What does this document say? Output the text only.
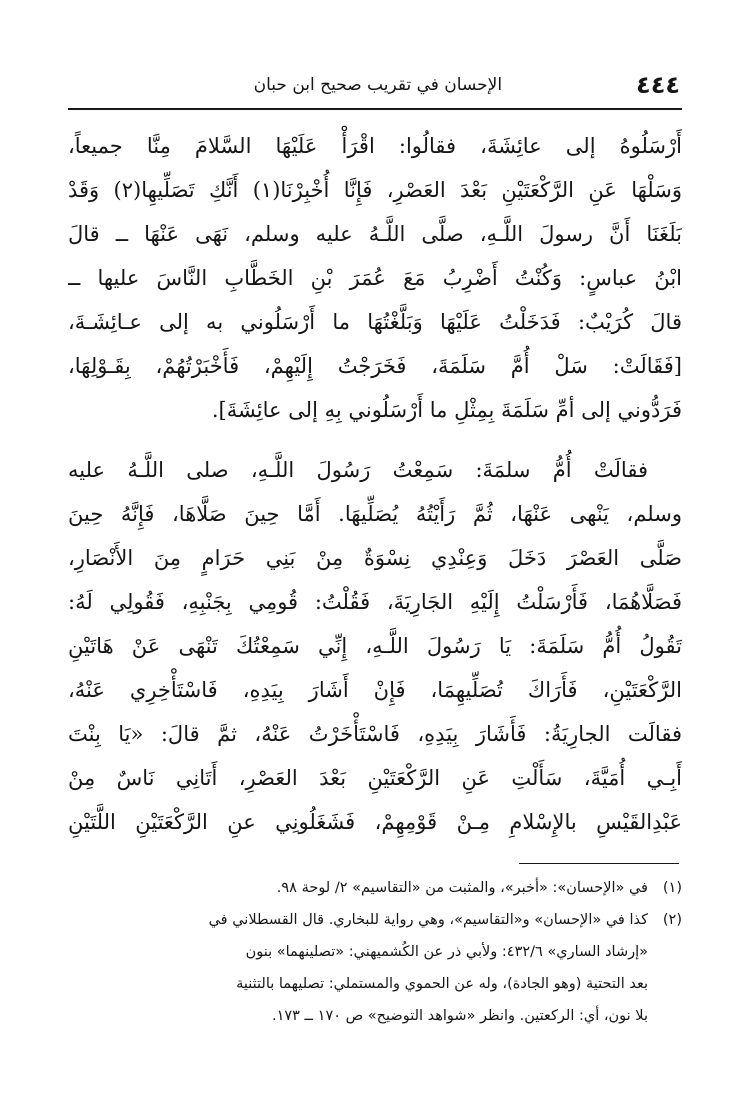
٤٤٤
الإحسان في تقريب صحيح ابن حبان
أَرْسَلُوهُ إلى عائِشَةَ، فقالُوا: اقْرَأْ عَلَيْهَا السَّلامَ مِنَّا جميعاً،
وَسَلْهَا عَنِ الرَّكْعَتَيْنِ بَعْدَ العَصْرِ، فَإِنَّا أُخْبِرْنَا(١) أَنَّكِ تَصَلِّيهِا(٢) وَقَدْ
بَلَغَنَا أَنَّ رسولَ اللَّـهِ، صلَّى اللَّـهُ عليه وسلم، نَهَى عَنْهَا ــ قالَ
ابْنُ عباسٍ: وَكُنْتُ أَضْرِبُ مَعَ عُمَرَ بْنِ الخَطَّابِ النَّاسَ عليها ــ
قالَ كُرَيْبٌ: فَدَخَلْتُ عَلَيْهَا وَبَلَّغْتُهَا ما أَرْسَلُوني به إلى عـائِشَـةَ،
[فَقَالَتْ: سَلْ أُمَّ سَلَمَةَ، فَخَرَجْتُ إِلَيْهِمْ، فَأَخْبَرْتُهُمْ، بِقَـوْلِهَا،
فَرَدُّوني إلى أمِّ سَلَمَةَ بِمِثْلِ ما أَرْسَلُوني بِهِ إلى عائِشَةَ].
فقالَتْ أُمُّ سلمَةَ: سَمِعْتُ رَسُولَ اللَّـهِ، صلى اللَّـهُ عليه
وسلم، يَنْهى عَنْهَا، ثُمَّ رَأَيْتُهُ يُصَلِّيهَا. أَمَّا حِينَ صَلَّاهَا، فَإِنَّهُ حِينَ
صَلَّى العَصْرَ دَخَلَ وَعِنْدِي نِسْوَةٌ مِنْ بَنِي حَرَامٍ مِنَ الأَنْصَارِ،
فَصَلَّاهُمَا، فَأَرْسَلْتُ إِلَيْهِ الجَارِيَةَ، فَقُلْتُ: قُومِي بِجَنْبِهِ، فَقُولِي لَهُ:
تَقُولُ أُمُّ سَلَمَةَ: يَا رَسُولَ اللَّـهِ، إِنِّي سَمِعْتُكَ تَنْهَى عَنْ هَاتَيْنِ
الرَّكْعَتَيْنِ، فَأَرَاكَ تُصَلِّيهِمَا، فَإِنْ أَشَارَ بِيَدِهِ، فَاسْتَأْخِرِي عَنْهُ،
فقالَت الجارِيَةُ: فَأَشَارَ بِيَدِهِ، فَاسْتَأْخَرْتُ عَنْهُ، ثمَّ قالَ: «يَا بِنْتَ
أَبِـي أُمَيَّةَ، سَأَلْتِ عَنِ الرَّكْعَتَيْنِ بَعْدَ العَصْرِ، أَتَانِي نَاسٌ مِنْ
عَبْدِالقَيْسِ بالإِسْلامِ مِـنْ قَوْمِهِمْ، فَشَغَلُونِي عنِ الرَّكْعَتَيْنِ اللَّتَيْنِ
(١)في «الإحسان»: «أخبر»، والمثبت من «التقاسيم» ٢/ لوحة ٩٨.
(٢)كذا في «الإحسان» و«التقاسيم»، وهي رواية للبخاري. قال القسطلاني في
«إرشاد الساري» ٤٣٢/٦: ولأبي ذر عن الكُشميهني: «تصلينهما» بنون
بعد التحتية (وهو الجادة)، وله عن الحموي والمستملي: تصليهما بالتثنية
بلا نون، أي: الركعتين. وانظر «شواهد التوضيح» ص ١٧٠ ــ ١٧٣.
